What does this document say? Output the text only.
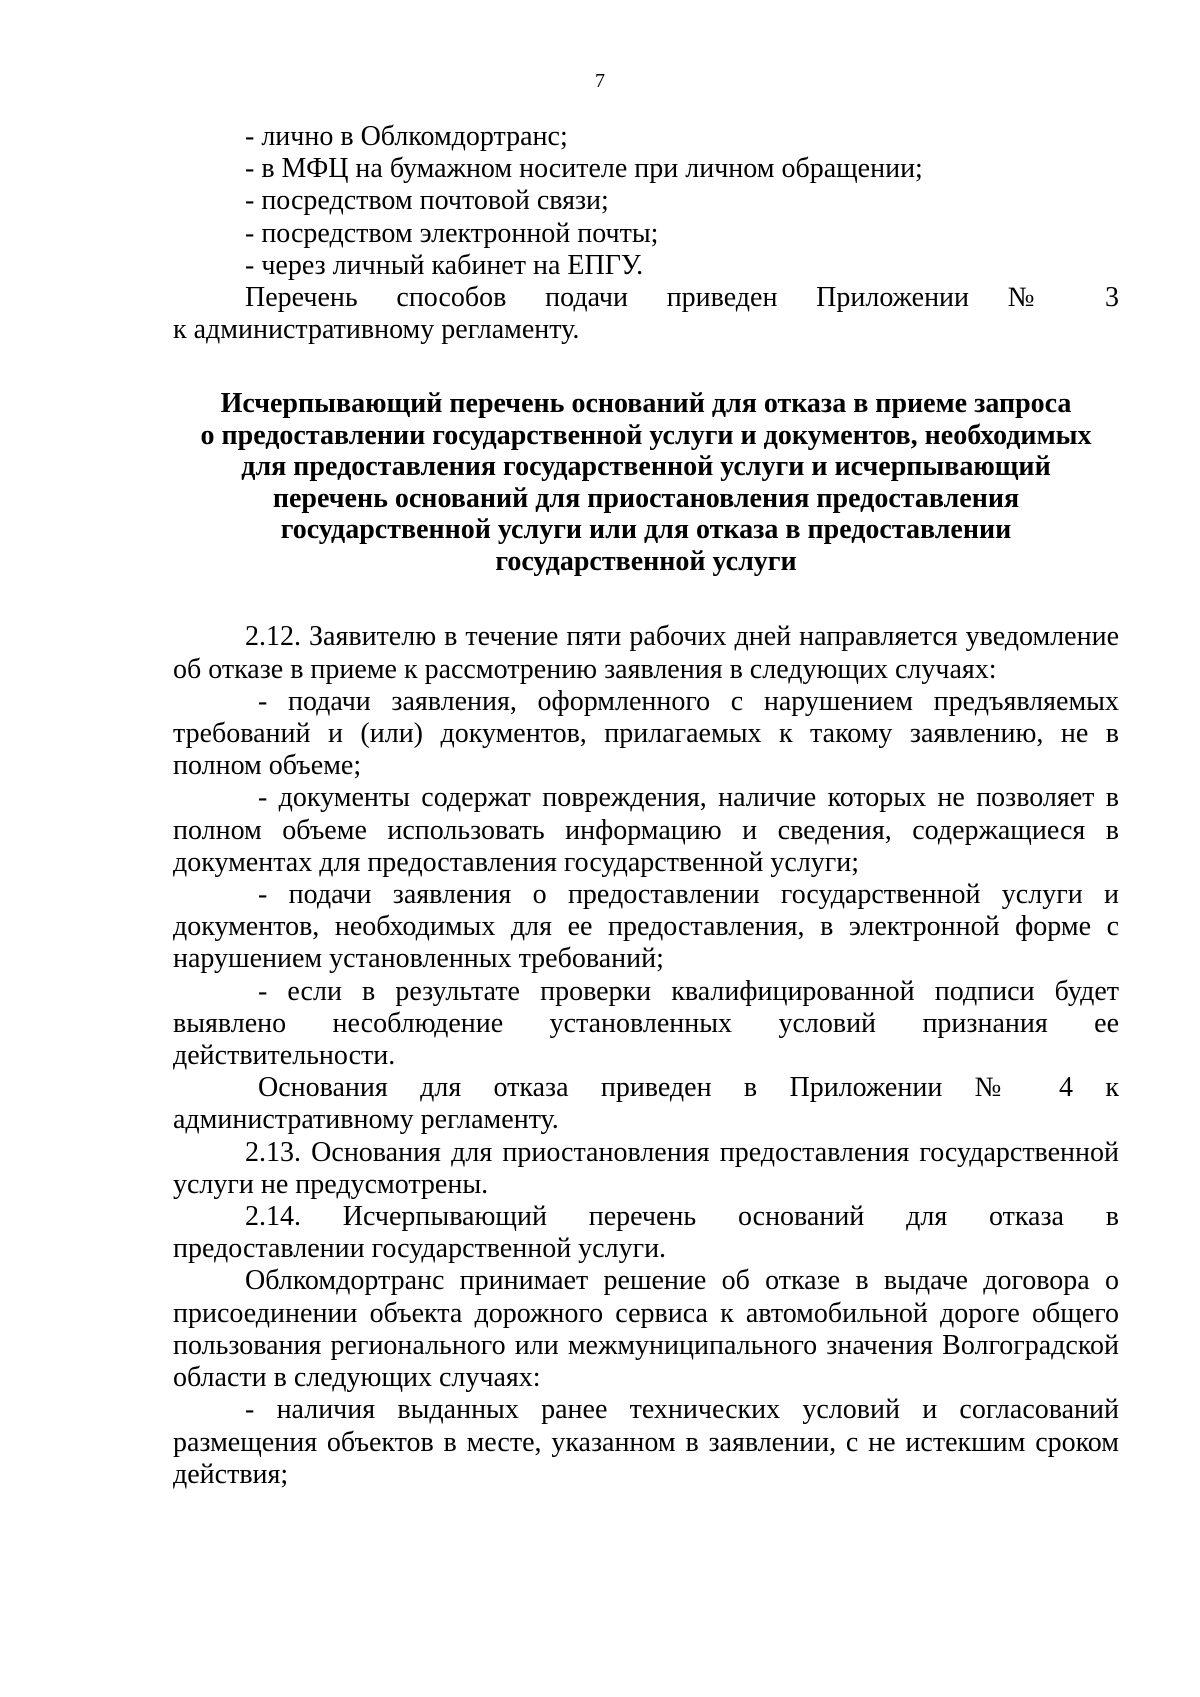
7
- лично в Облкомдортранс;
- в МФЦ на бумажном носителе при личном обращении;
- посредством почтовой связи;
- посредством электронной почты;
- через личный кабинет на ЕПГУ.
Перечень способов подачи приведен Приложении № 3
к административному регламенту.
Исчерпывающий перечень оснований для отказа в приеме запроса
о предоставлении государственной услуги и документов, необходимых
для предоставления государственной услуги и исчерпывающий
перечень оснований для приостановления предоставления
государственной услуги или для отказа в предоставлении
государственной услуги
2.12. Заявителю в течение пяти рабочих дней направляется уведомление об отказе в приеме к рассмотрению заявления в следующих случаях:
- подачи заявления, оформленного с нарушением предъявляемых требований и (или) документов, прилагаемых к такому заявлению, не в полном объеме;
- документы содержат повреждения, наличие которых не позволяет в полном объеме использовать информацию и сведения, содержащиеся в документах для предоставления государственной услуги;
- подачи заявления о предоставлении государственной услуги и документов, необходимых для ее предоставления, в электронной форме с нарушением установленных требований;
- если в результате проверки квалифицированной подписи будет выявлено несоблюдение установленных условий признания ее действительности.
Основания для отказа приведен в Приложении № 4 к
административному регламенту.
2.13. Основания для приостановления предоставления государственной услуги не предусмотрены.
2.14. Исчерпывающий перечень оснований для отказа в
предоставлении государственной услуги.
Облкомдортранс принимает решение об отказе в выдаче договора о присоединении объекта дорожного сервиса к автомобильной дороге общего пользования регионального или межмуниципального значения Волгоградской области в следующих случаях:
- наличия выданных ранее технических условий и согласований размещения объектов в месте, указанном в заявлении, с не истекшим сроком действия;
